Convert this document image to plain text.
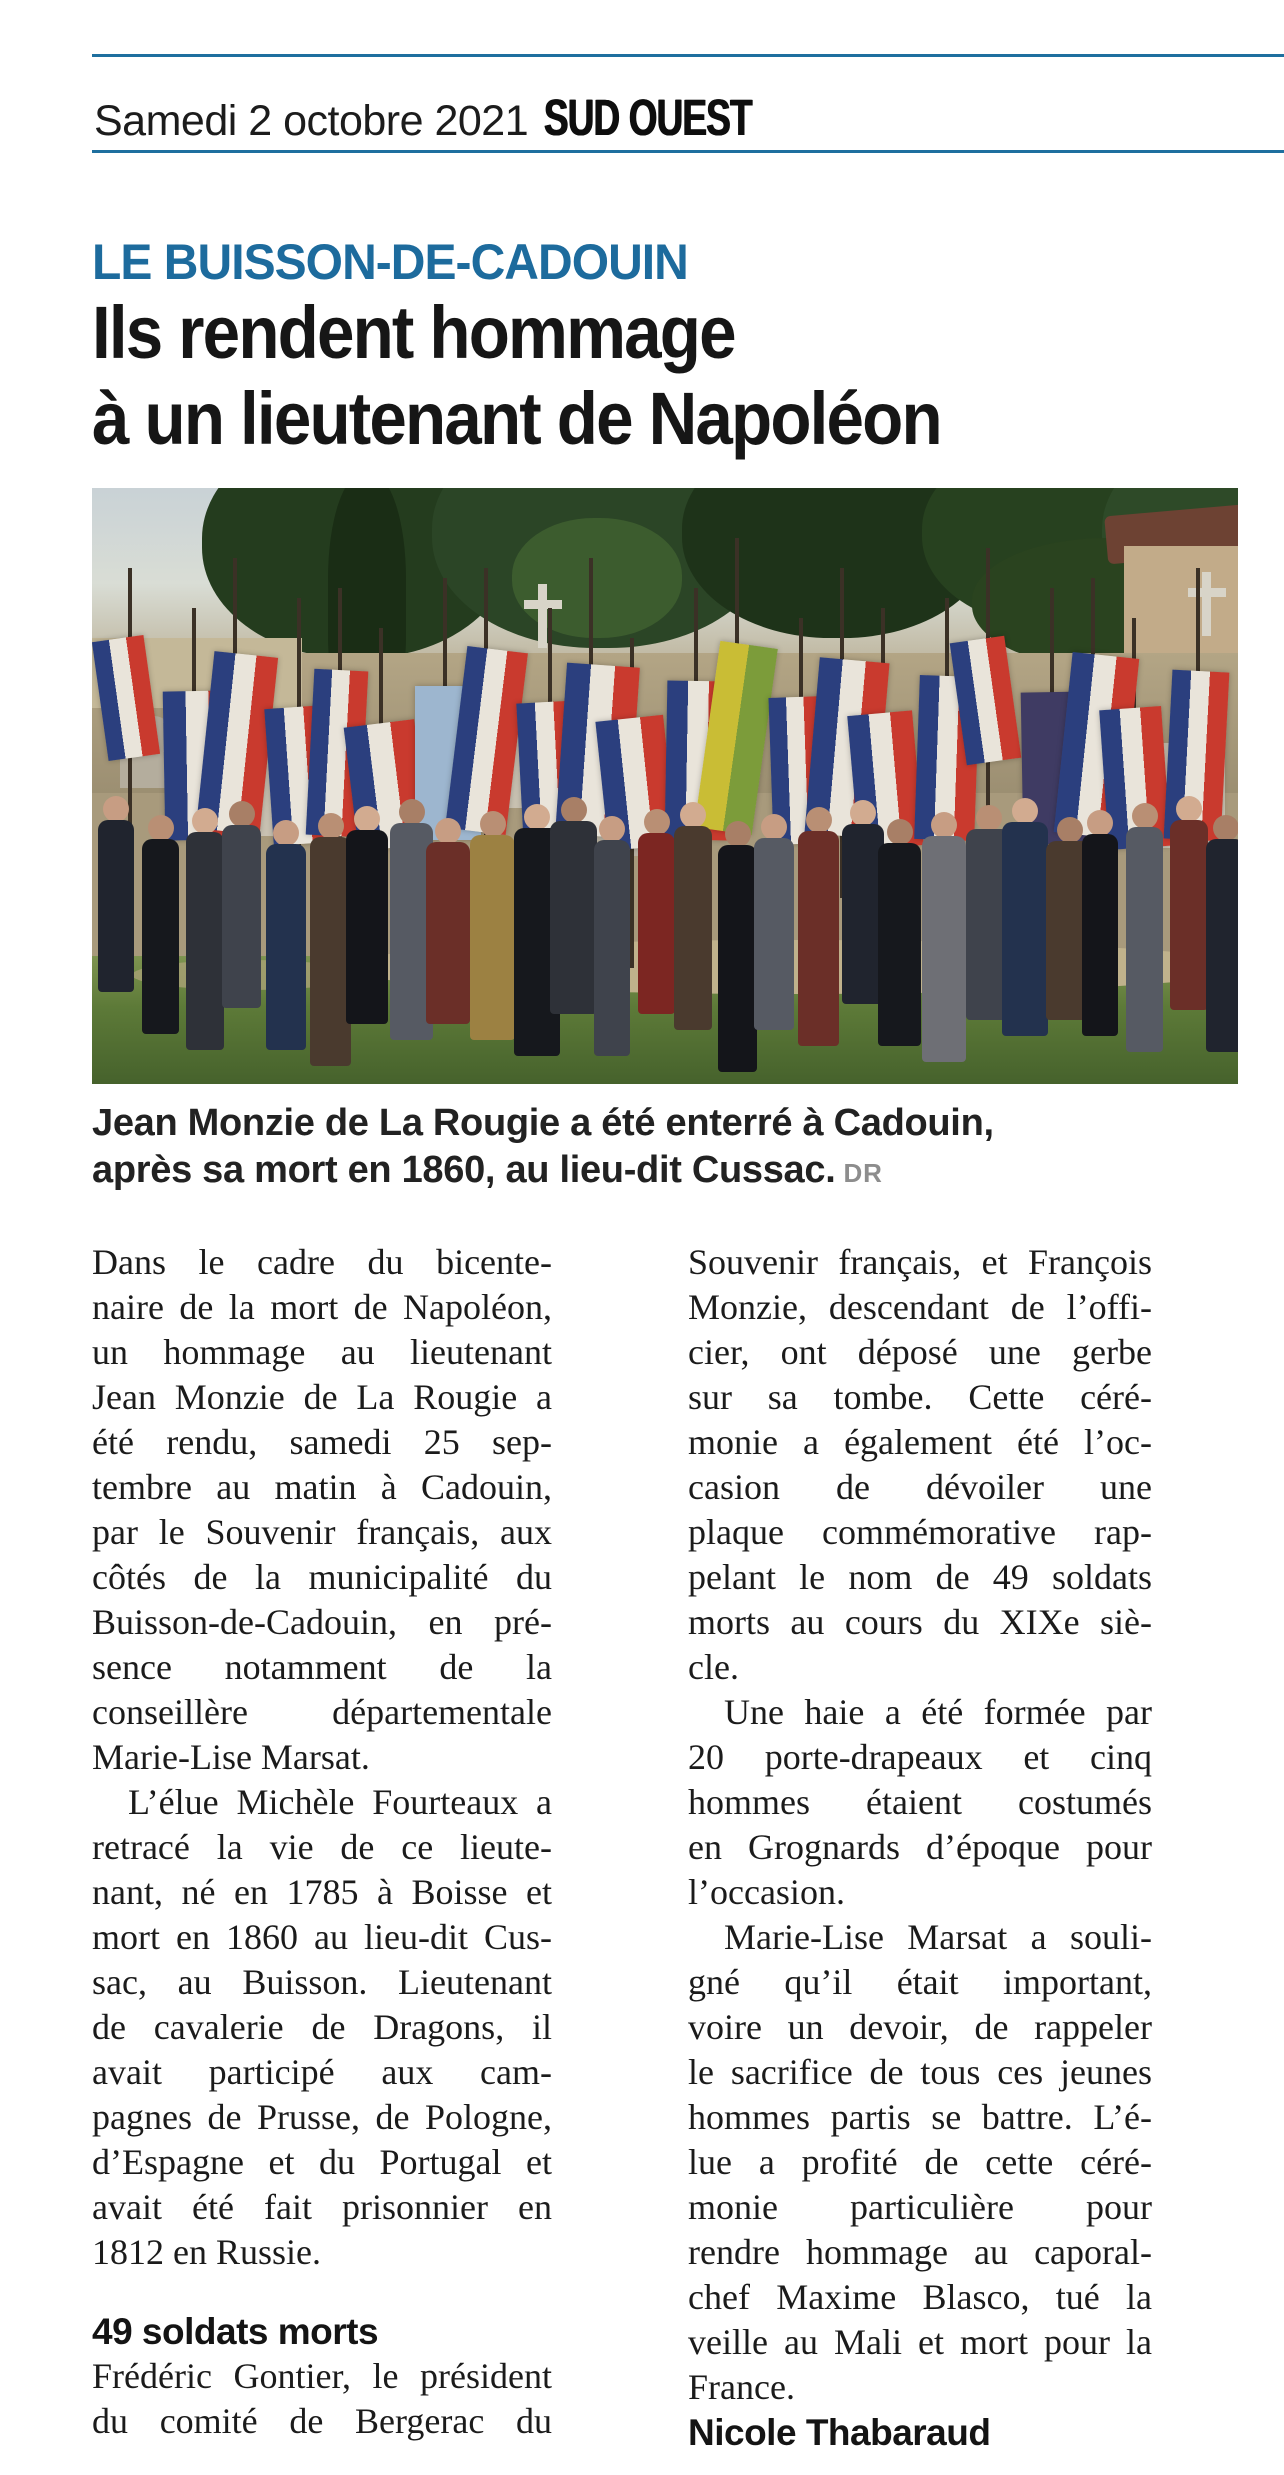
Samedi 2 octobre 2021 SUD OUEST
LE BUISSON-DE-CADOUIN
Ils rendent hommage
à un lieutenant de Napoléon
Jean Monzie de La Rougie a été enterré à Cadouin,
après sa mort en 1860, au lieu-dit Cussac. DR
Dans le cadre du bicente-
naire de la mort de Napoléon,
un hommage au lieutenant
Jean Monzie de La Rougie a
été rendu, samedi 25 sep-
tembre au matin à Cadouin,
par le Souvenir français, aux
côtés de la municipalité du
Buisson-de-Cadouin, en pré-
sence notamment de la
conseillère départementale
Marie-Lise Marsat.
L’élue Michèle Fourteaux a
retracé la vie de ce lieute-
nant, né en 1785 à Boisse et
mort en 1860 au lieu-dit Cus-
sac, au Buisson. Lieutenant
de cavalerie de Dragons, il
avait participé aux cam-
pagnes de Prusse, de Pologne,
d’Espagne et du Portugal et
avait été fait prisonnier en
1812 en Russie.
49 soldats morts
Frédéric Gontier, le président
du comité de Bergerac du
Souvenir français, et François
Monzie, descendant de l’offi-
cier, ont déposé une gerbe
sur sa tombe. Cette céré-
monie a également été l’oc-
casion de dévoiler une
plaque commémorative rap-
pelant le nom de 49 soldats
morts au cours du XIXe siè-
cle.
Une haie a été formée par
20 porte-drapeaux et cinq
hommes étaient costumés
en Grognards d’époque pour
l’occasion.
Marie-Lise Marsat a souli-
gné qu’il était important,
voire un devoir, de rappeler
le sacrifice de tous ces jeunes
hommes partis se battre. L’é-
lue a profité de cette céré-
monie particulière pour
rendre hommage au caporal-
chef Maxime Blasco, tué la
veille au Mali et mort pour la
France.
Nicole Thabaraud
